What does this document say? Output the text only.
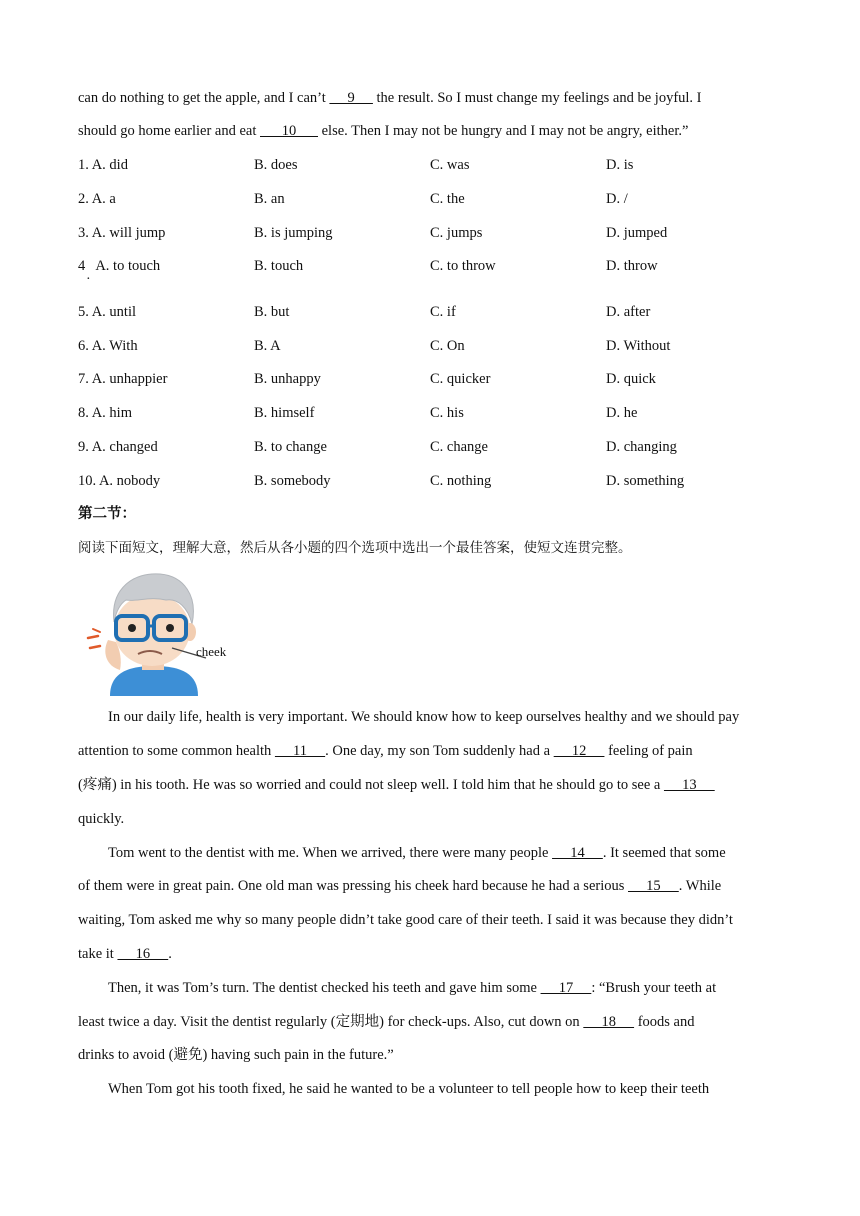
can do nothing to get the apple, and I can’t      9      the result. So I must change my feelings and be joyful. I
should go home earlier and eat       10       else. Then I may not be hungry and I may not be angry, either.”
1. A. did	B. does	C. was	D. is
2. A. a	B. an	C. the	D. /
3. A. will jump	B. is jumping	C. jumps	D. jumped
4   A. to touch	B. touch	C. to throw	D. throw
·
5. A. until	B. but	C. if	D. after
6. A. With	B. A	C. On	D. Without
7. A. unhappier	B. unhappy	C. quicker	D. quick
8. A. him	B. himself	C. his	D. he
9. A. changed	B. to change	C. change	D. changing
10. A. nobody	B. somebody	C. nothing	D. something
第二节：
阅读下面短文，理解大意，然后从各小题的四个选项中选出一个最佳答案，使短文连贯完整。
cheek
In our daily life, health is very important. We should know how to keep ourselves healthy and we should pay
attention to some common health      11     . One day, my son Tom suddenly had a      12      feeling of pain
(疼痛) in his tooth. He was so worried and could not sleep well. I told him that he should go to see a      13
quickly.
Tom went to the dentist with me. When we arrived, there were many people      14     . It seemed that some
of them were in great pain. One old man was pressing his cheek hard because he had a serious      15     . While
waiting, Tom asked me why so many people didn’t take good care of their teeth. I said it was because they didn’t
take it      16     .
Then, it was Tom’s turn. The dentist checked his teeth and gave him some      17     : “Brush your teeth at
least twice a day. Visit the dentist regularly (定期地) for check-ups. Also, cut down on      18      foods and
drinks to avoid (避免) having such pain in the future.”
When Tom got his tooth fixed, he said he wanted to be a volunteer to tell people how to keep their teeth
